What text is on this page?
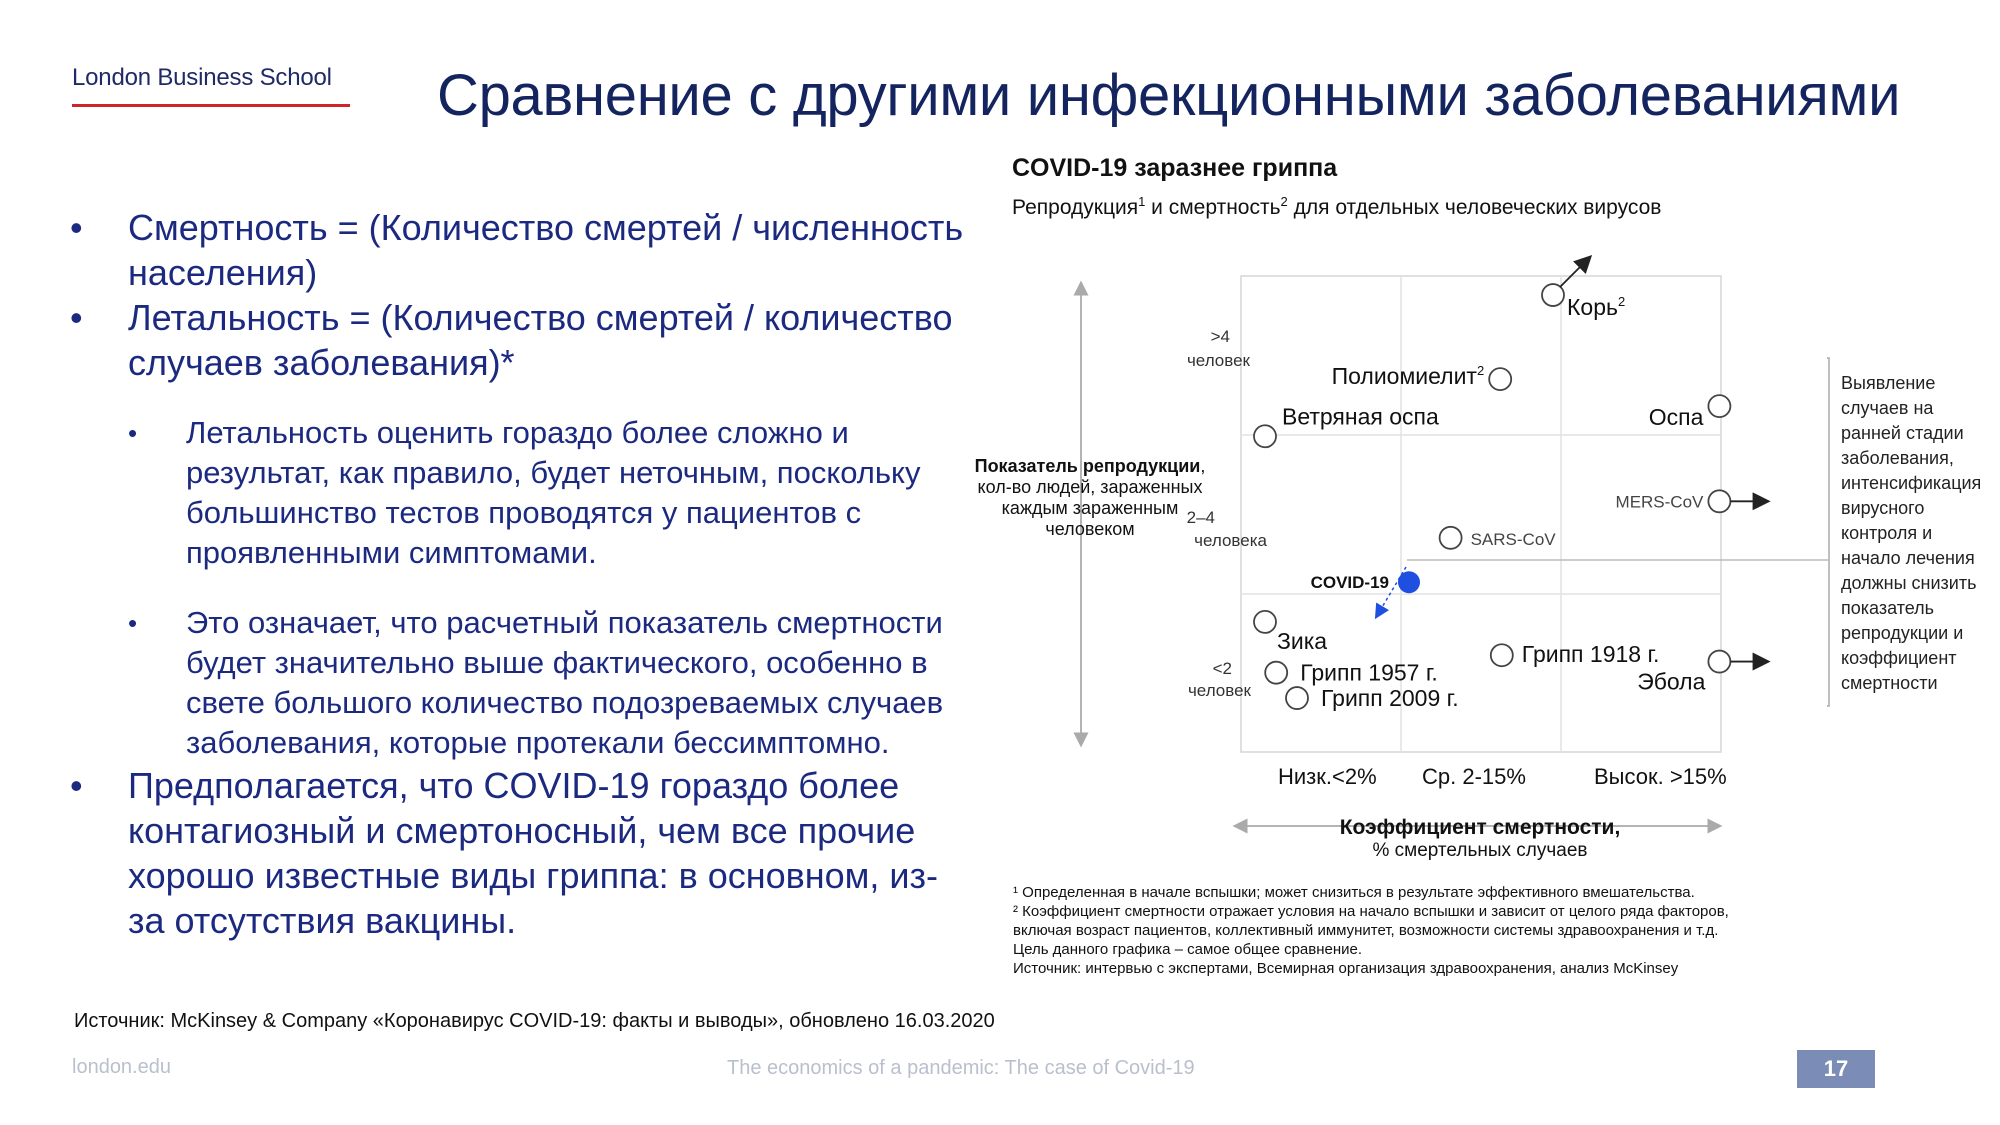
London Business School Сравнение с другими инфекционными заболеваниями
• Смертность = (Количество смертей / численность населения)
• Летальность = (Количество смертей / количество случаев заболевания)*
• Летальность оценить гораздо более сложно и результат, как правило, будет неточным, поскольку большинство тестов проводятся у пациентов с проявленными симптомами.
• Это означает, что расчетный показатель смертности будет значительно выше фактического, особенно в свете большого количество подозреваемых случаев заболевания, которые протекали бессимптомно.
• Предполагается, что COVID-19 гораздо более контагиозный и смертоносный, чем все прочие хорошо известные виды гриппа: в основном, из-за отсутствия вакцины.
COVID-19 заразнее гриппа
Репродукция$^1$ и смертность$^2$ для отдельных человеческих вирусов
Показатель репродукции,
кол-во людей, зараженных
каждым зараженным
человеком
>4
человек
2–4
человека
<2
человек
Низк.<2% Ср. 2-15%	Высок. >15%
Коэффициент смертности,
% смертельных случаев
Выявление
случаев на
ранней стадии
заболевания,
интенсификация
вирусного
контроля и
начало лечения
должны снизить
показатель
репродукции и
коэффициент
смертности
Корь$^2$
Полиомиелит$^2$
Оспа
Ветряная оспа
MERS-CoV
SARS-CoV
COVID-19
Зика
Грипп 1957 г.
Грипп 1918 г.
Эбола
Грипп 2009 г.
¹ Определенная в начале вспышки; может снизиться в результате эффективного вмешательства.
² Коэффициент смертности отражает условия на начало вспышки и зависит от целого ряда факторов,
включая возраст пациентов, коллективный иммунитет, возможности системы здравоохранения и т.д.
Цель данного графика – самое общее сравнение.
Источник: интервью с экспертами, Всемирная организация здравоохранения, анализ McKinsey
Источник: McKinsey & Company «Коронавирус COVID-19: факты и выводы», обновлено 16.03.2020
london.edu	The economics of a pandemic: The case of Covid-19	17
